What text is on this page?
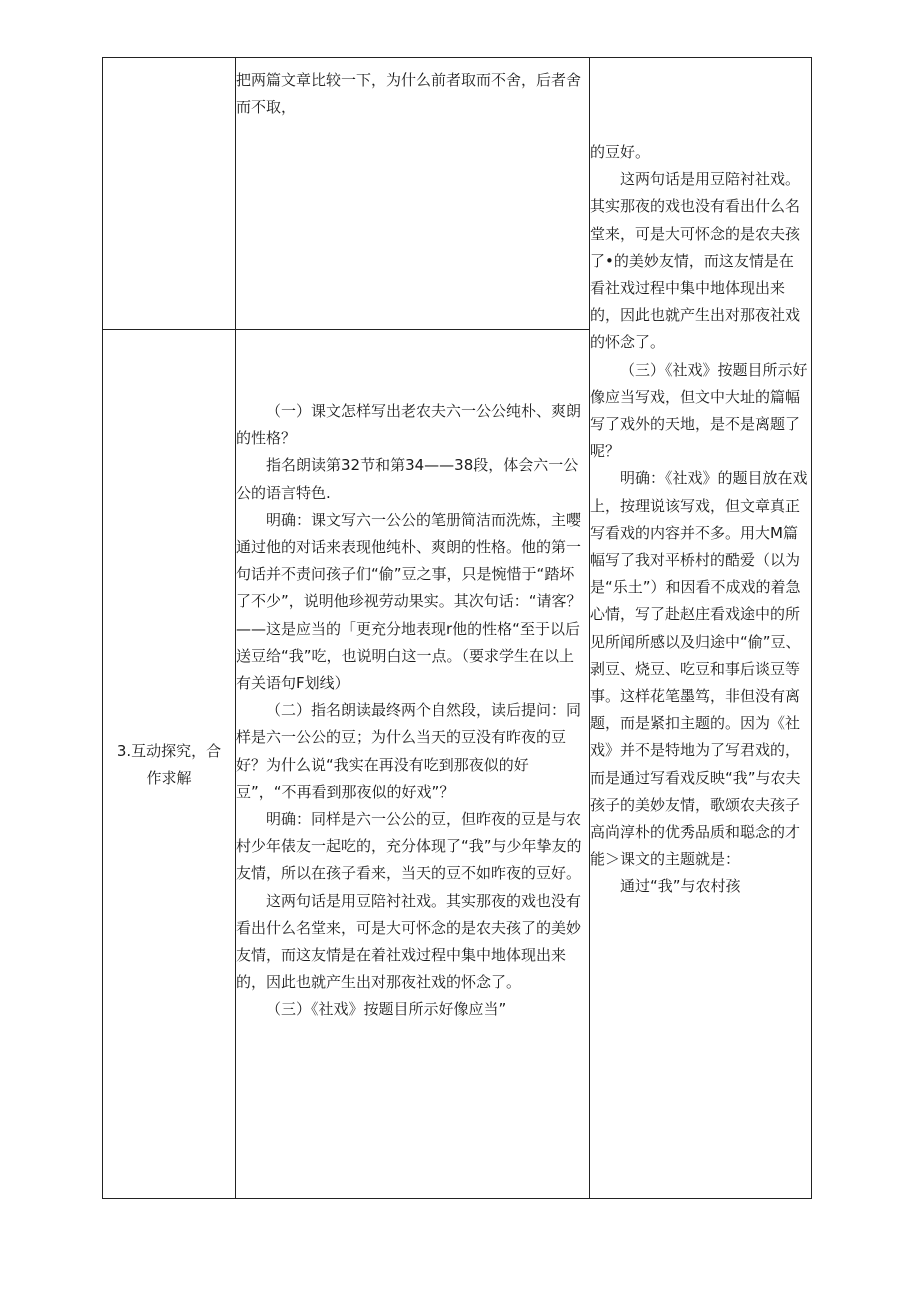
把两篇文章比较一下，为什么前者取而不舍，后者舍而不取，

3.互动探究，合作求解

（一）课文怎样写出老农夫六一公公纯朴、爽朗的性格？

指名朗读第32节和第34——38段，体会六一公公的语言特色.

明确：课文写六一公公的笔册简洁而洗炼，主嘤通过他的对话来表现他纯朴、爽朗的性格。他的第一句话并不责问孩子们“偷”豆之事，只是惋惜于“踏坏了不少”，说明他珍视劳动果实。其次句话：“请客？——这是应当的「更充分地表现r他的性格“至于以后送豆给“我”吃，也说明白这一点。（要求学生在以上有关语句F划线）

（二）指名朗读最终两个自然段，读后提问：同样是六一公公的豆；为什么当天的豆没有昨夜的豆好？为什么说“我实在再没有吃到那夜似的好豆”，“不再看到那夜似的好戏”？

明确：同样是六一公公的豆，但昨夜的豆是与农村少年俵友一起吃的，充分体现了“我”与少年挚友的友情，所以在孩子看来，当天的豆不如昨夜的豆好。

这两句话是用豆陪衬社戏。其实那夜的戏也没有看出什么名堂来，可是大可怀念的是农夫孩了的美妙友情，而这友情是在着社戏过程中集中地体现出来的，因此也就产生出对那夜社戏的怀念了。

（三）《社戏》按题目所示好像应当”

的豆好。

这两句话是用豆陪衬社戏。其实那夜的戏也没有看出什么名堂来，可是大可怀念的是农夫孩了•的美妙友情，而这友情是在看社戏过程中集中地体现出来的，因此也就产生出对那夜社戏的怀念了。

（三）《社戏》按题目所示好像应当写戏，但文中大址的篇幅写了戏外的天地，是不是离题了呢？

明确：《社戏》的题目放在戏上，按理说该写戏，但文章真正写看戏的内容并不多。用大M篇幅写了我对平桥村的酷爱（以为是“乐土”）和因看不成戏的着急心情，写了赴赵庄看戏途中的所见所闻所感以及归途中“偷”豆、剥豆、烧豆、吃豆和事后谈豆等事。这样花笔墨笃，非但没有离题，而是紧扣主题的。因为《社戏》并不是特地为了写君戏的，而是通过写看戏反映“我”与农夫孩子的美妙友情，歌颂农夫孩子高尚淳朴的优秀品质和聪念的才能＞课文的主题就是：

通过“我”与农村孩
